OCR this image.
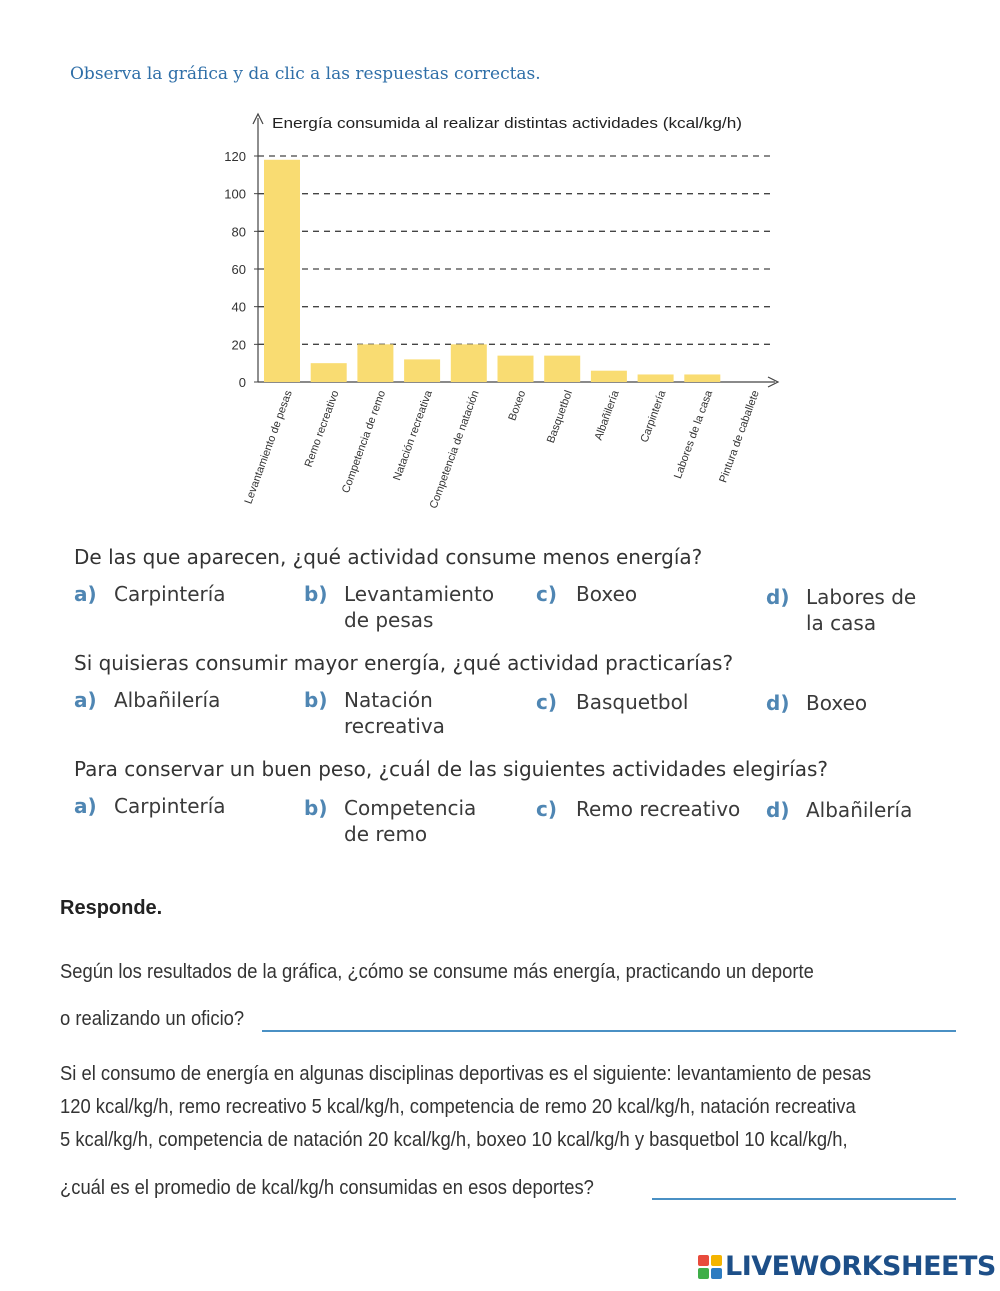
Observa la gráfica y da clic a las respuestas correctas.

0
20
40
60
80
100
120
Levantamiento de pesas Remo recreativo
Competencia de remo Natación recreativa
Competencia de natación Boxeo Basquetbol Albañilería Carpintería Labores de la casa Pintura de caballete
Energía consumida al realizar distintas actividades (kcal/kg/h)

De las que aparecen, ¿qué actividad consume menos energía?

a) Carpintería	b) Levantamiento de pesas
c) Boxeo	d) Labores de la casa

Si quisieras consumir mayor energía, ¿qué actividad practicarías?

a) Albañilería	b) Natación recreativa
c) Basquetbol	d) Boxeo

Para conservar un buen peso, ¿cuál de las siguientes actividades elegirías?

a) Carpintería	b) Competencia de remo
c) Remo recreativo d) Albañilería

Responde.

Según los resultados de la gráfica, ¿cómo se consume más energía, practicando un deporte

o realizando un oficio?

Si el consumo de energía en algunas disciplinas deportivas es el siguiente: levantamiento de pesas

120 kcal/kg/h, remo recreativo 5 kcal/kg/h, competencia de remo 20 kcal/kg/h, natación recreativa

5 kcal/kg/h, competencia de natación 20 kcal/kg/h, boxeo 10 kcal/kg/h y basquetbol 10 kcal/kg/h,

¿cuál es el promedio de kcal/kg/h consumidas en esos deportes?

LIVEWORKSHEETS
